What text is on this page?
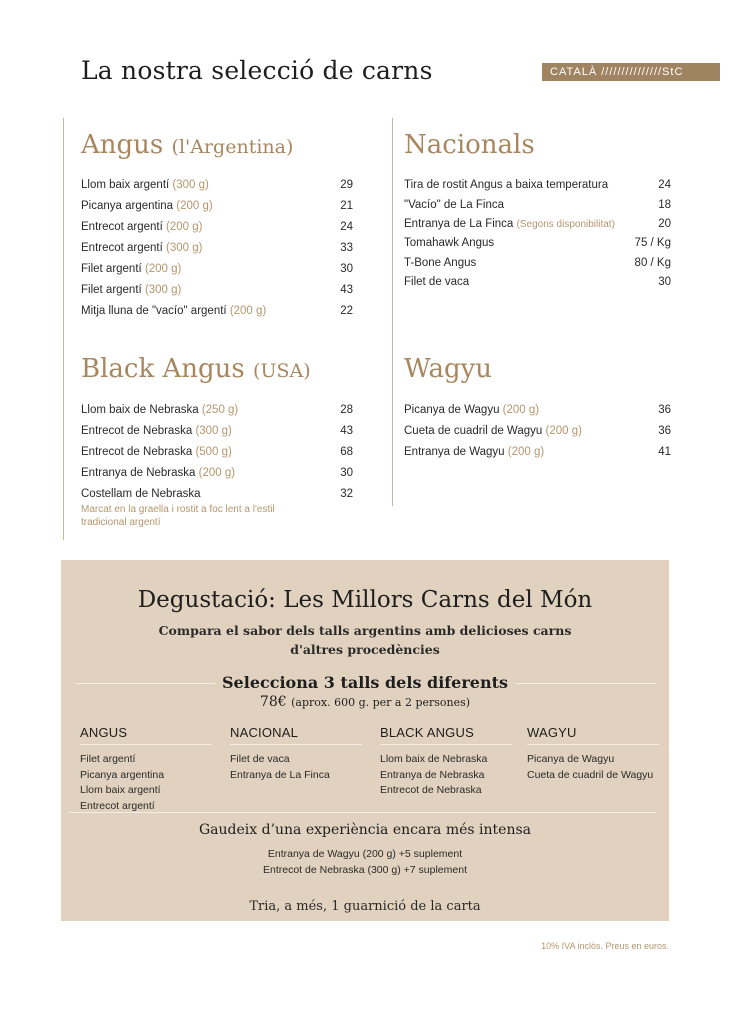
La nostra selecció de carns	CATALÀ ///////////////StC
Angus (l'Argentina)
Llom baix argentí (300 g)	29
Picanya argentina (200 g)	21
Entrecot argentí (200 g)	24
Entrecot argentí (300 g)	33
Filet argentí (200 g)	30
Filet argentí (300 g)	43
Mitja lluna de "vacío" argentí (200 g)	22
Nacionals
Tira de rostit Angus a baixa temperatura	24
"Vacío" de La Finca	18
Entranya de La Finca (Segons disponibilitat)	20
Tomahawk Angus	75 / Kg
T-Bone Angus	80 / Kg
Filet de vaca	30
Black Angus (USA)
Llom baix de Nebraska (250 g)	28
Entrecot de Nebraska (300 g)	43
Entrecot de Nebraska (500 g)	68
Entranya de Nebraska (200 g)	30
Costellam de Nebraska	32
Marcat en la graella i rostit a foc lent a l'estil tradicional argentí
Wagyu
Picanya de Wagyu (200 g)	36
Cueta de cuadril de Wagyu (200 g)	36
Entranya de Wagyu (200 g)	41
Degustació: Les Millors Carns del Món
Compara el sabor dels talls argentins amb delicioses carns
d'altres procedències
Selecciona 3 talls dels diferents
78€ (aprox. 600 g. per a 2 persones)
ANGUS
Filet argentí
Picanya argentina
Llom baix argentí
Entrecot argentí
NACIONAL
Filet de vaca
Entranya de La Finca
BLACK ANGUS
Llom baix de Nebraska
Entranya de Nebraska
Entrecot de Nebraska
WAGYU
Picanya de Wagyu
Cueta de cuadril de Wagyu
Gaudeix d’una experiència encara més intensa
Entranya de Wagyu (200 g) +5 suplement
Entrecot de Nebraska (300 g) +7 suplement
Tria, a més, 1 guarnició de la carta
10% IVA inclòs. Preus en euros.
